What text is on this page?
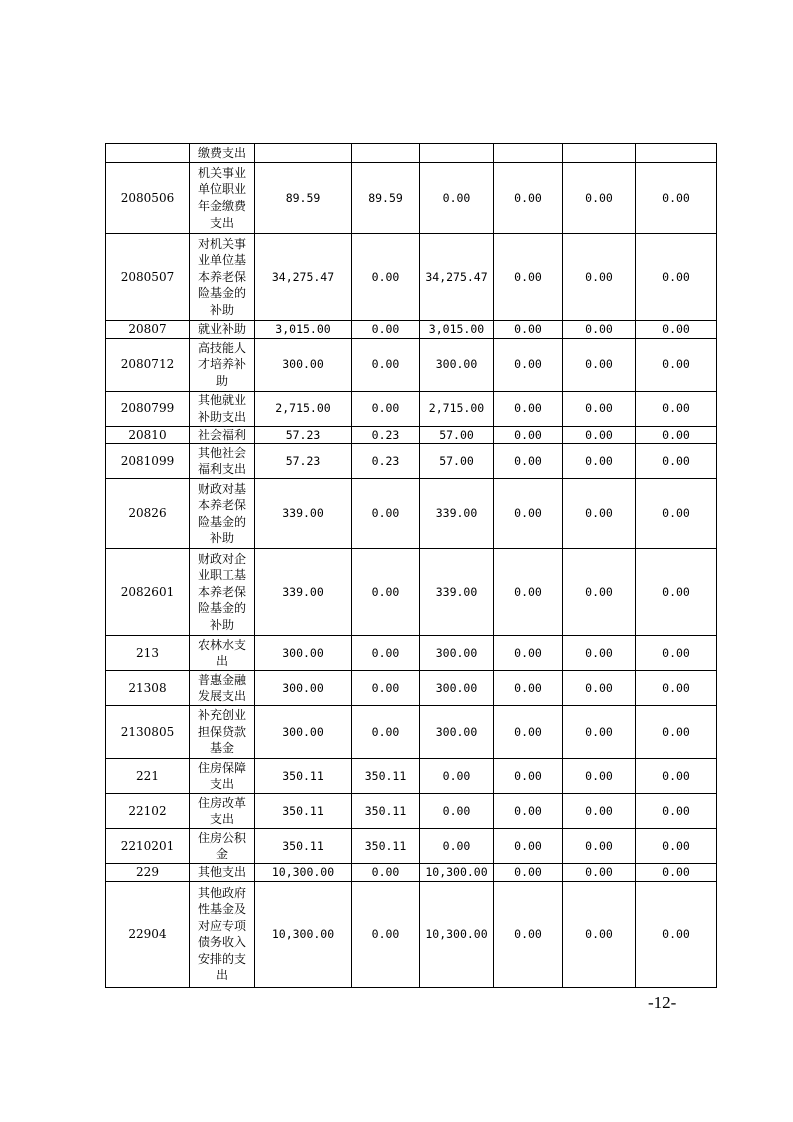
	缴费支出						
2080506	机关事业单位职业年金缴费支出	89.59	89.59	0.00	0.00	0.00	0.00
2080507	对机关事业单位基本养老保险基金的补助	34,275.47	0.00	34,275.47	0.00	0.00	0.00
20807	就业补助	3,015.00	0.00	3,015.00	0.00	0.00	0.00
2080712	高技能人才培养补助	300.00	0.00	300.00	0.00	0.00	0.00
2080799	其他就业补助支出	2,715.00	0.00	2,715.00	0.00	0.00	0.00
20810	社会福利	57.23	0.23	57.00	0.00	0.00	0.00
2081099	其他社会福利支出	57.23	0.23	57.00	0.00	0.00	0.00
20826	财政对基本养老保险基金的补助	339.00	0.00	339.00	0.00	0.00	0.00
2082601	财政对企业职工基本养老保险基金的补助	339.00	0.00	339.00	0.00	0.00	0.00
213	农林水支出	300.00	0.00	300.00	0.00	0.00	0.00
21308	普惠金融发展支出	300.00	0.00	300.00	0.00	0.00	0.00
2130805	补充创业担保贷款基金	300.00	0.00	300.00	0.00	0.00	0.00
221	住房保障支出	350.11	350.11	0.00	0.00	0.00	0.00
22102	住房改革支出	350.11	350.11	0.00	0.00	0.00	0.00
2210201	住房公积金	350.11	350.11	0.00	0.00	0.00	0.00
229	其他支出	10,300.00	0.00	10,300.00	0.00	0.00	0.00
22904	其他政府性基金及对应专项债务收入安排的支出	10,300.00	0.00	10,300.00	0.00	0.00	0.00
-12-
